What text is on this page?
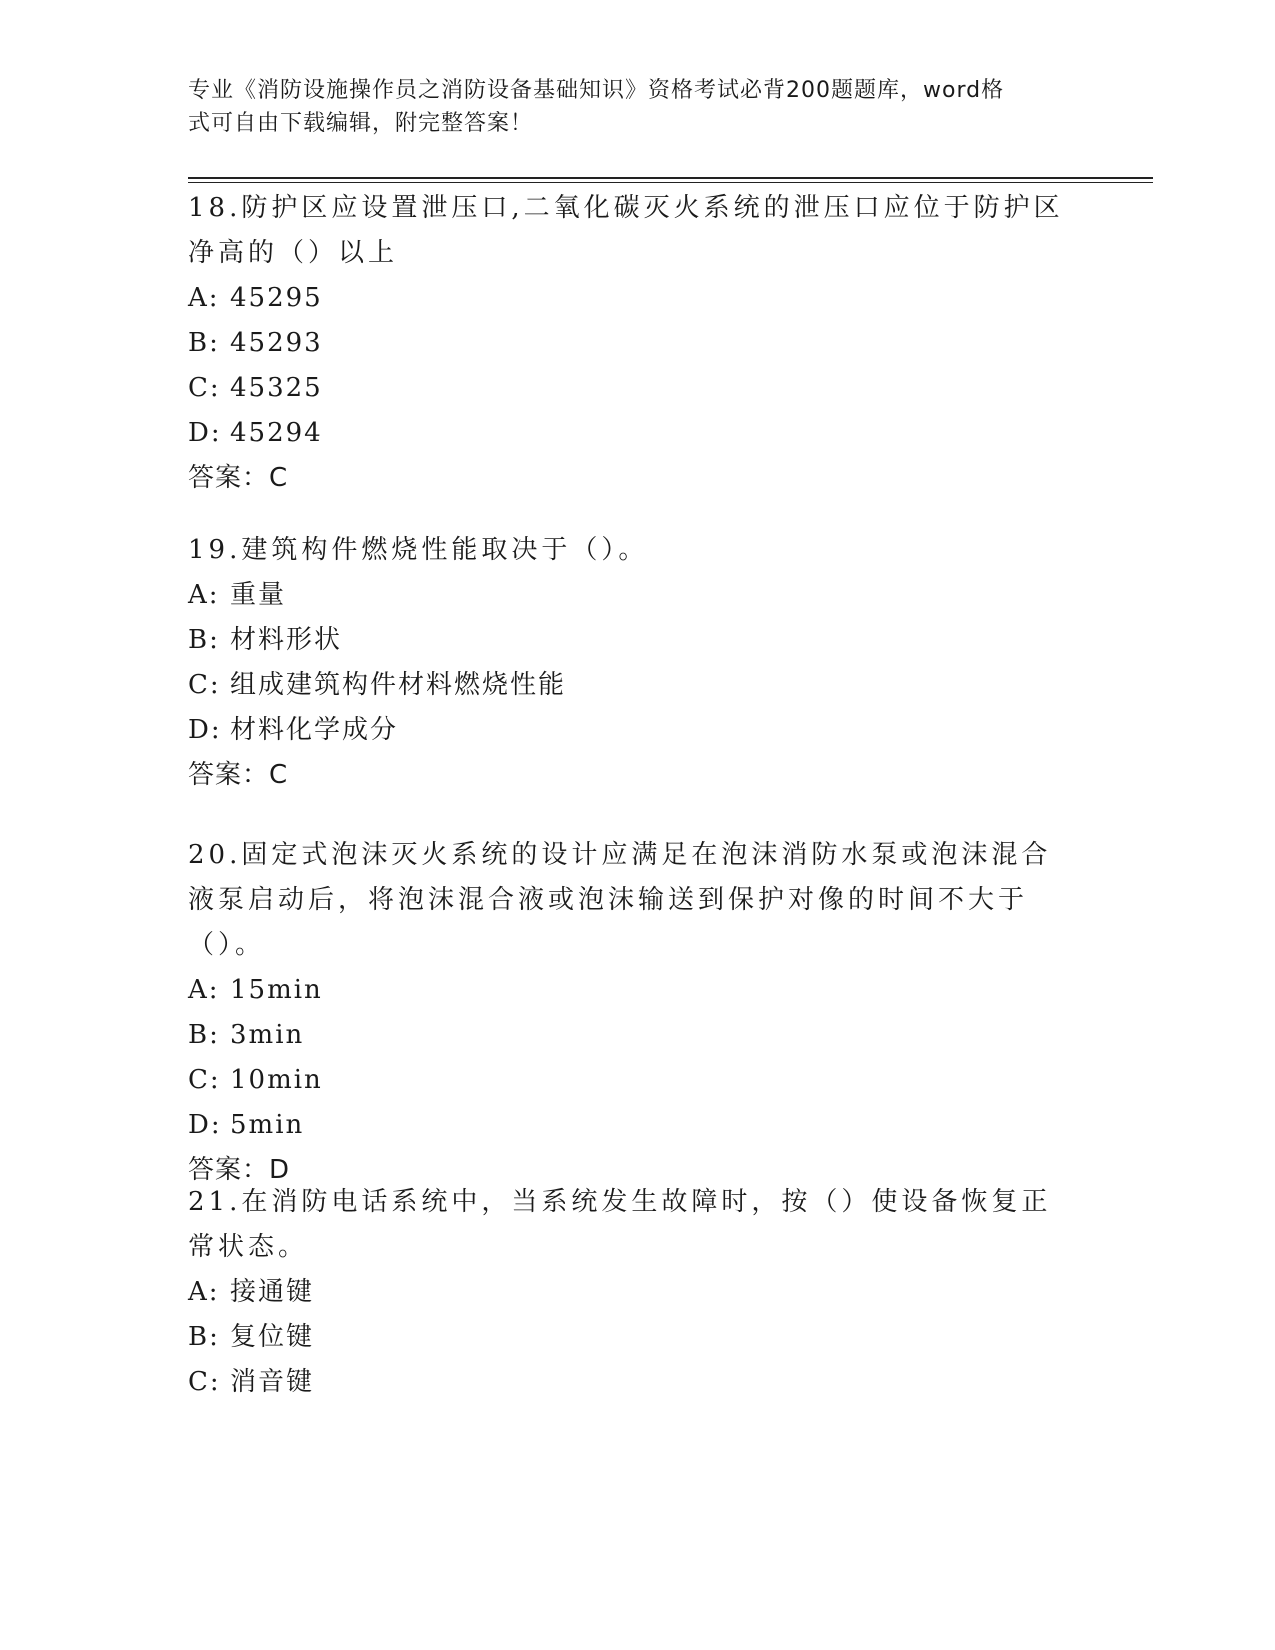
专业《消防设施操作员之消防设备基础知识》资格考试必背200题题库，word格
式可自由下载编辑，附完整答案！

18.防护区应设置泄压口,二氧化碳灭火系统的泄压口应位于防护区净高的（）以上

A: 45295

B: 45293

C: 45325

D: 45294

答案：C

19.建筑构件燃烧性能取决于（）。

A: 重量

B: 材料形状

C: 组成建筑构件材料燃烧性能

D: 材料化学成分

答案：C

20.固定式泡沫灭火系统的设计应满足在泡沫消防水泵或泡沫混合液泵启动后，将泡沫混合液或泡沫输送到保护对像的时间不大于（）。

A: 15min

B: 3min

C: 10min

D: 5min

答案：D

21.在消防电话系统中，当系统发生故障时，按（）使设备恢复正常状态。

A: 接通键

B: 复位键

C: 消音键
